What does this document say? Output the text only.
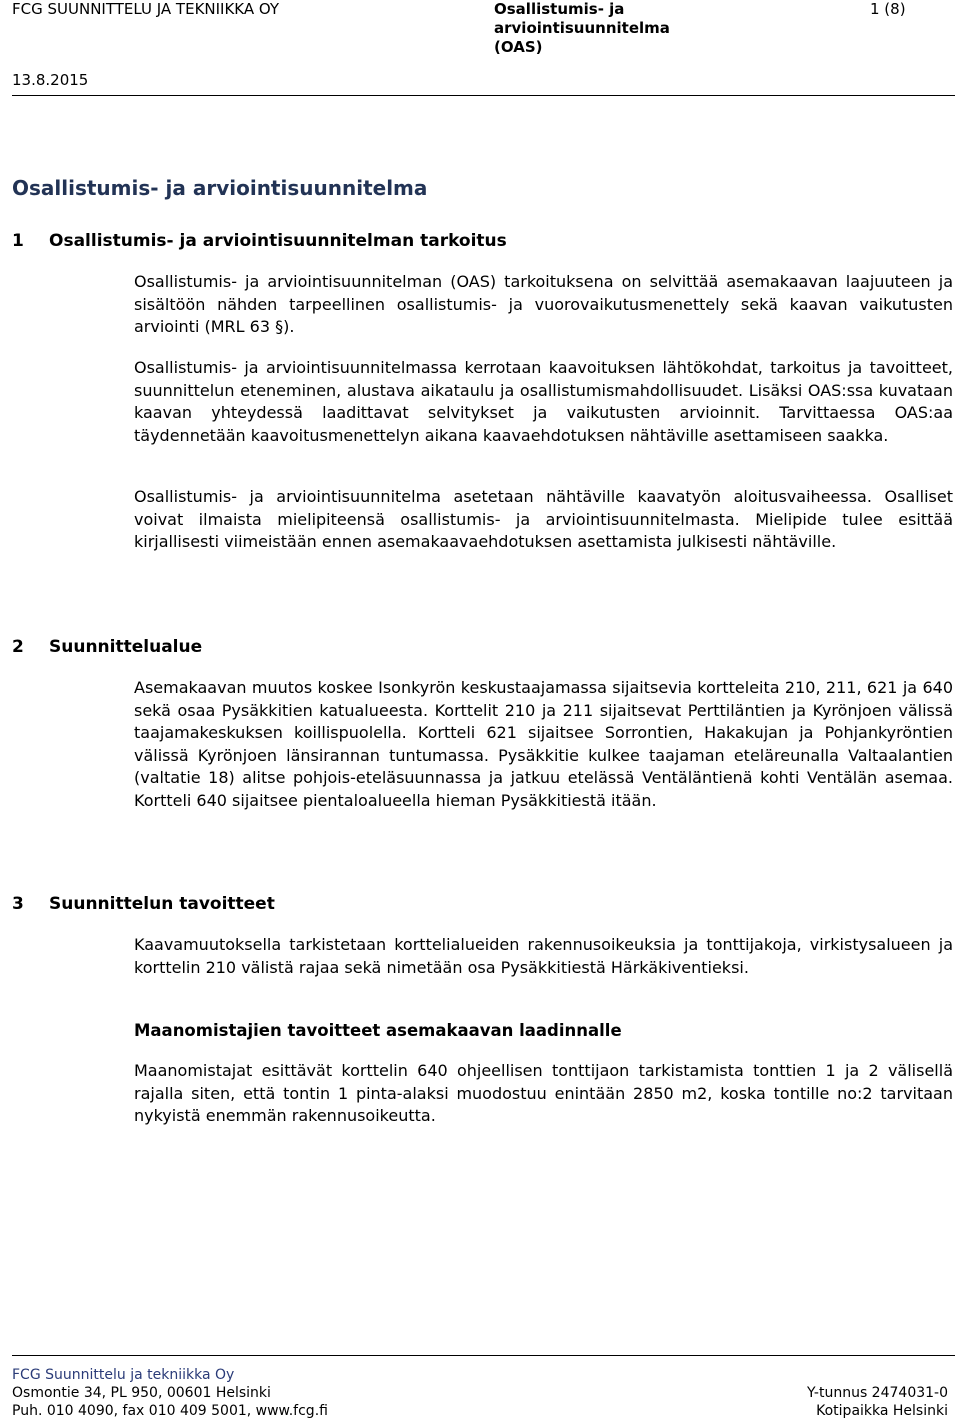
FCG SUUNNITTELU JA TEKNIIKKA OY	Osallistumis- ja arviointisuunnitelma (OAS)
1 (8)
13.8.2015
Osallistumis- ja arviointisuunnitelma
1 Osallistumis- ja arviointisuunnitelman tarkoitus

Osallistumis- ja arviointisuunnitelman (OAS) tarkoituksena on selvittää asemakaavan laajuuteen ja sisältöön nähden tarpeellinen osallistumis- ja vuorovaikutusmenettely sekä kaavan vaikutusten arviointi (MRL 63 §).

Osallistumis- ja arviointisuunnitelmassa kerrotaan kaavoituksen lähtökohdat, tarkoitus ja tavoitteet, suunnittelun eteneminen, alustava aikataulu ja osallistumismahdollisuudet. Lisäksi OAS:ssa kuvataan kaavan yhteydessä laadittavat selvitykset ja vaikutusten arvioinnit. Tarvittaessa OAS:aa täydennetään kaavoitusmenettelyn aikana kaavaehdotuksen nähtäville asettamiseen saakka.

Osallistumis- ja arviointisuunnitelma asetetaan nähtäville kaavatyön aloitusvaiheessa. Osalliset voivat ilmaista mielipiteensä osallistumis- ja arviointisuunnitelmasta. Mielipide tulee esittää kirjallisesti viimeistään ennen asemakaavaehdotuksen asettamista julkisesti nähtäville.

2 Suunnittelualue

Asemakaavan muutos koskee Isonkyrön keskustaajamassa sijaitsevia kortteleita 210, 211, 621 ja 640 sekä osaa Pysäkkitien katualueesta. Korttelit 210 ja 211 sijaitsevat Perttiläntien ja Kyrönjoen välissä taajamakeskuksen koillispuolella. Kortteli 621 sijaitsee Sorrontien, Hakakujan ja Pohjankyröntien välissä Kyrönjoen länsirannan tuntumassa. Pysäkkitie kulkee taajaman eteläreunalla Valtaalantien (valtatie 18) alitse pohjois-eteläsuunnassa ja jatkuu etelässä Ventäläntienä kohti Ventälän asemaa. Kortteli 640 sijaitsee pientaloalueella hieman Pysäkkitiestä itään.

3 Suunnittelun tavoitteet

Kaavamuutoksella tarkistetaan korttelialueiden rakennusoikeuksia ja tonttijakoja, virkistysalueen ja korttelin 210 välistä rajaa sekä nimetään osa Pysäkkitiestä Härkäkiventieksi.

Maanomistajien tavoitteet asemakaavan laadinnalle

Maanomistajat esittävät korttelin 640 ohjeellisen tonttijaon tarkistamista tonttien 1 ja 2 välisellä rajalla siten, että tontin 1 pinta-alaksi muodostuu enintään 2850 m2, koska tontille no:2 tarvitaan nykyistä enemmän rakennusoikeutta.

FCG Suunnittelu ja tekniikka Oy
Osmontie 34, PL 950, 00601 Helsinki
Puh. 010 4090, fax 010 409 5001, www.fcg.fi
Y-tunnus 2474031-0
Kotipaikka Helsinki
